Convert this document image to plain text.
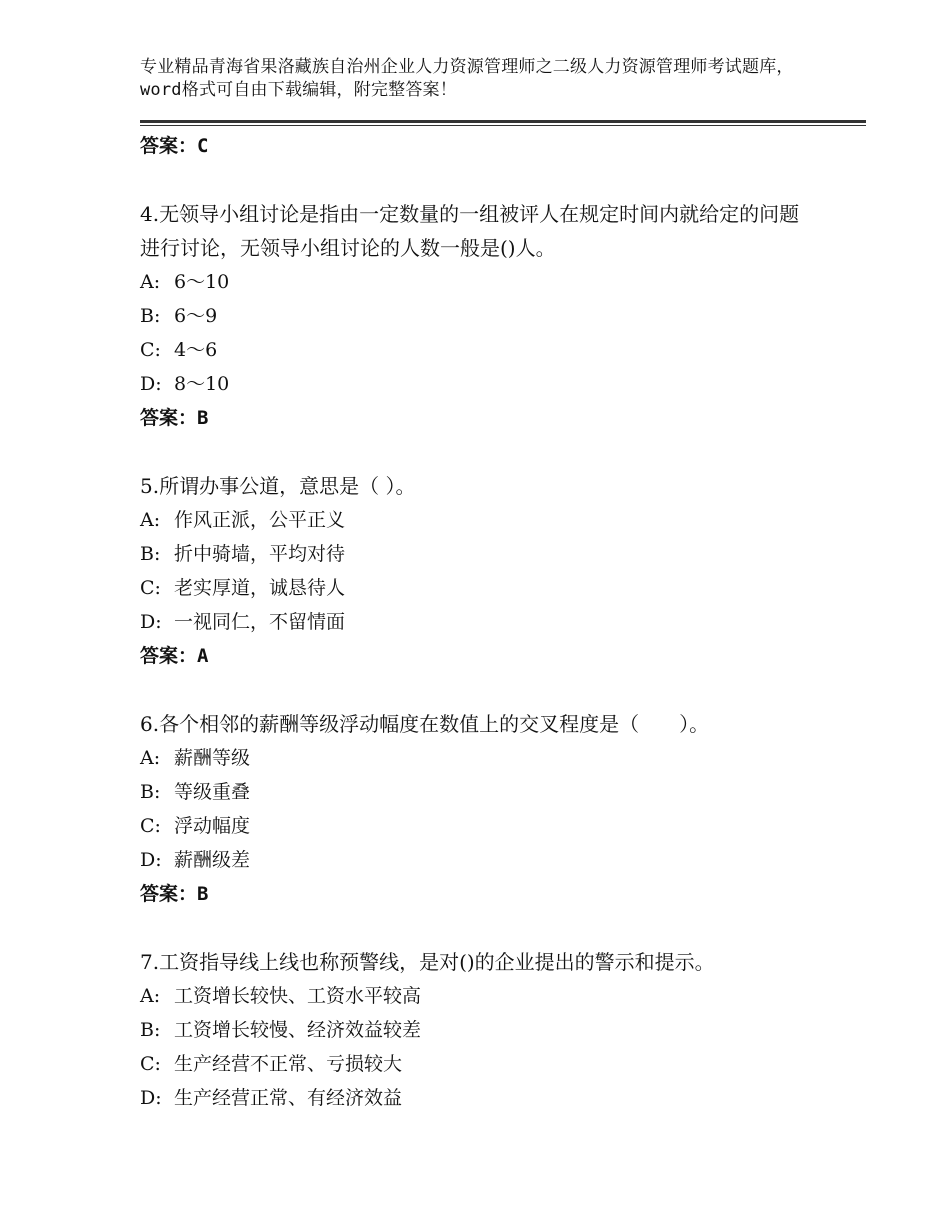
专业精品青海省果洛藏族自治州企业人力资源管理师之二级人力资源管理师考试题库，word格式可自由下载编辑，附完整答案！

答案：C

4.无领导小组讨论是指由一定数量的一组被评人在规定时间内就给定的问题进行讨论，无领导小组讨论的人数一般是()人。

A: 6～10

B: 6～9

C: 4～6

D: 8～10

答案：B

5.所谓办事公道，意思是（ ）。

A: 作风正派，公平正义

B: 折中骑墙，平均对待

C: 老实厚道，诚恳待人

D: 一视同仁，不留情面

答案：A

6.各个相邻的薪酬等级浮动幅度在数值上的交叉程度是（　　）。

A: 薪酬等级

B: 等级重叠

C: 浮动幅度

D: 薪酬级差

答案：B

7.工资指导线上线也称预警线，是对()的企业提出的警示和提示。

A: 工资增长较快、工资水平较高

B: 工资增长较慢、经济效益较差

C: 生产经营不正常、亏损较大

D: 生产经营正常、有经济效益
